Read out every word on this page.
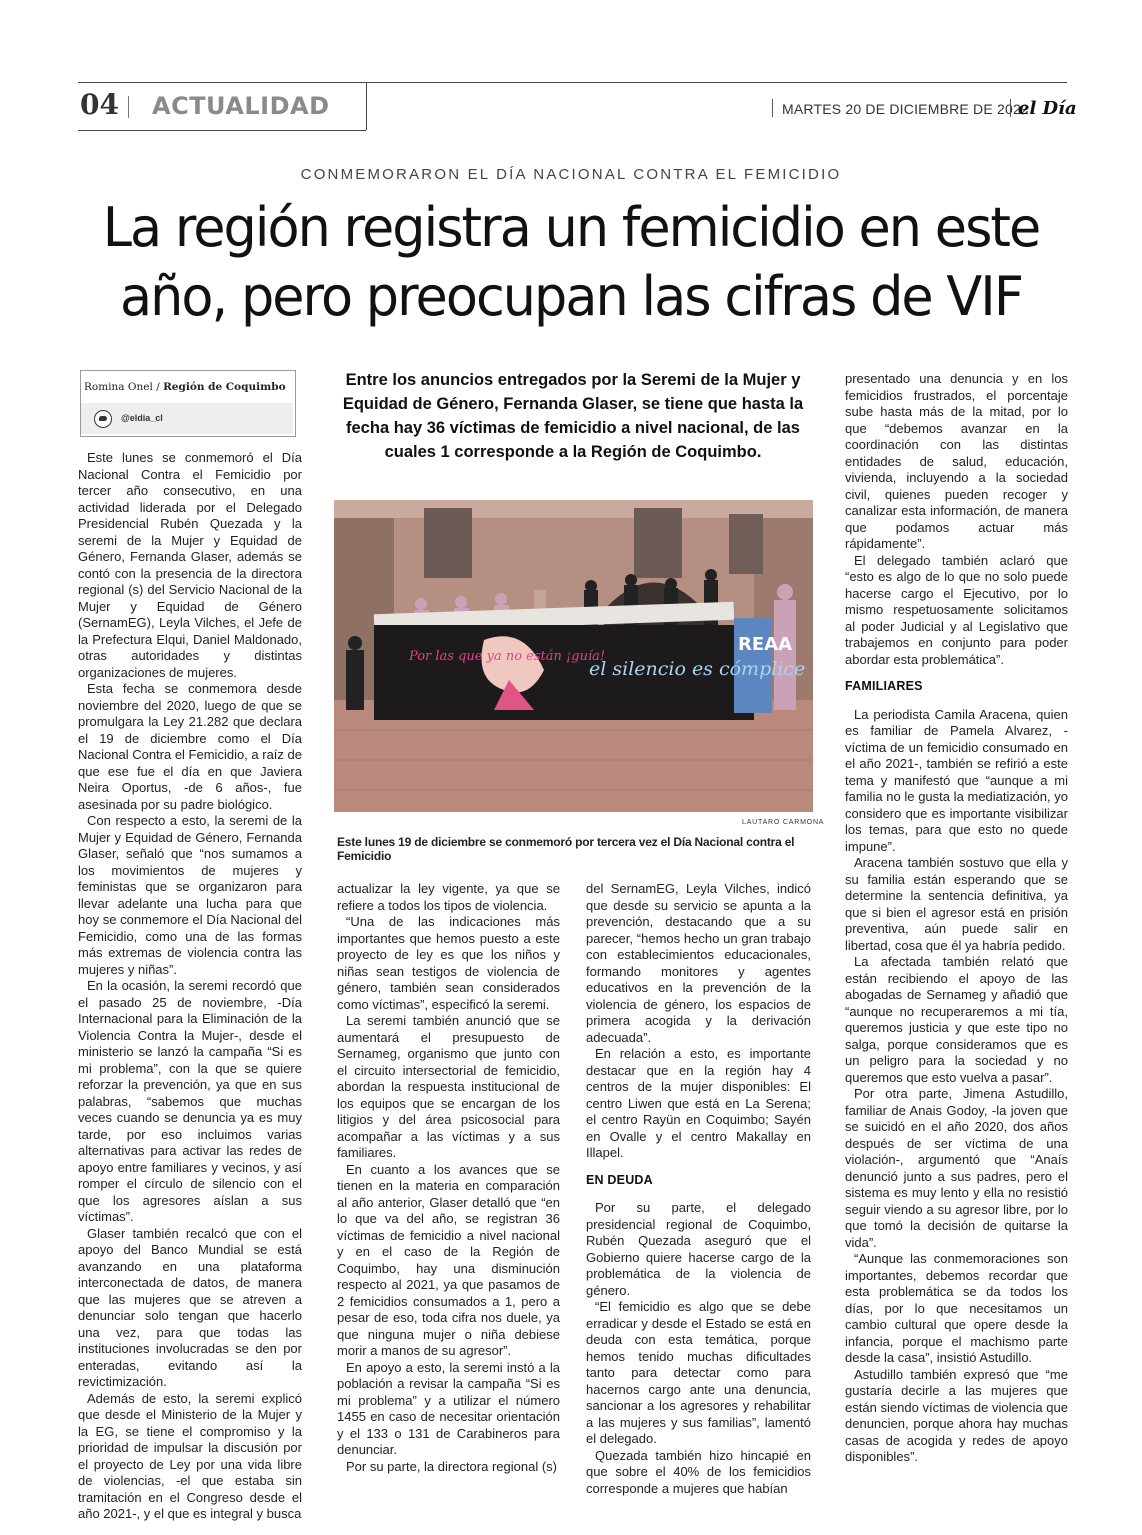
04 ACTUALIDAD	MARTES 20 DE DICIEMBRE DE 2022
el Día
CONMEMORARON EL DÍA NACIONAL CONTRA EL FEMICIDIO
La región registra un femicidio en este año, pero preocupan las cifras de VIF
Romina Onel / Región de Coquimbo
@eldia_cl
Entre los anuncios entregados por la Seremi de la Mujer y Equidad de Género, Fernanda Glaser, se tiene que hasta la fecha hay 36 víctimas de femicidio a nivel nacional, de las cuales 1 corresponde a la Región de Coquimbo.
REAA
Por las que ya no están ¡guía!
el silencio es cómplice
LAUTARO CARMONA
Este lunes 19 de diciembre se conmemoró por tercera vez el Día Nacional contra el Femicidio

Este lunes se conmemoró el Día Nacional Contra el Femicidio por tercer año consecutivo, en una actividad liderada por el Delegado Presidencial Rubén Quezada y la seremi de la Mujer y Equidad de Género, Fernanda Glaser, además se contó con la presencia de la directora regional (s) del Servicio Nacional de la Mujer y Equidad de Género (SernamEG), Leyla Vilches, el Jefe de la Prefectura Elqui, Daniel Maldonado, otras autoridades y distintas organizaciones de mujeres.

Esta fecha se conmemora desde noviembre del 2020, luego de que se promulgara la Ley 21.282 que declara el 19 de diciembre como el Día Nacional Contra el Femicidio, a raíz de que ese fue el día en que Javiera Neira Oportus, -de 6 años-, fue asesinada por su padre biológico.

Con respecto a esto, la seremi de la Mujer y Equidad de Género, Fernanda Glaser, señaló que “nos sumamos a los movimientos de mujeres y feministas que se organizaron para llevar adelante una lucha para que hoy se conmemore el Día Nacional del Femicidio, como una de las formas más extremas de violencia contra las mujeres y niñas”.

En la ocasión, la seremi recordó que el pasado 25 de noviembre, -Día Internacional para la Eliminación de la Violencia Contra la Mujer-, desde el ministerio se lanzó la campaña “Si es mi problema”, con la que se quiere reforzar la prevención, ya que en sus palabras, “sabemos que muchas veces cuando se denuncia ya es muy tarde, por eso incluimos varias alternativas para activar las redes de apoyo entre familiares y vecinos, y así romper el círculo de silencio con el que los agresores aíslan a sus víctimas”.

Glaser también recalcó que con el apoyo del Banco Mundial se está avanzando en una plataforma interconectada de datos, de manera que las mujeres que se atreven a denunciar solo tengan que hacerlo una vez, para que todas las instituciones involucradas se den por enteradas, evitando así la revictimización.

Además de esto, la seremi explicó que desde el Ministerio de la Mujer y la EG, se tiene el compromiso y la prioridad de impulsar la discusión por el proyecto de Ley por una vida libre de violencias, -el que estaba sin tramitación en el Congreso desde el año 2021-, y el que es integral y busca

actualizar la ley vigente, ya que se refiere a todos los tipos de violencia.

“Una de las indicaciones más importantes que hemos puesto a este proyecto de ley es que los niños y niñas sean testigos de violencia de género, también sean considerados como víctimas”, especificó la seremi.

La seremi también anunció que se aumentará el presupuesto de Sernameg, organismo que junto con el circuito intersectorial de femicidio, abordan la respuesta institucional de los equipos que se encargan de los litigios y del área psicosocial para acompañar a las víctimas y a sus familiares.

En cuanto a los avances que se tienen en la materia en comparación al año anterior, Glaser detalló que “en lo que va del año, se registran 36 víctimas de femicidio a nivel nacional y en el caso de la Región de Coquimbo, hay una disminución respecto al 2021, ya que pasamos de 2 femicidios consumados a 1, pero a pesar de eso, toda cifra nos duele, ya que ninguna mujer o niña debiese morir a manos de su agresor”.

En apoyo a esto, la seremi instó a la población a revisar la campaña “Si es mi problema” y a utilizar el número 1455 en caso de necesitar orientación y el 133 o 131 de Carabineros para denunciar.

Por su parte, la directora regional (s)

del SernamEG, Leyla Vilches, indicó que desde su servicio se apunta a la prevención, destacando que a su parecer, “hemos hecho un gran trabajo con establecimientos educacionales, formando monitores y agentes educativos en la prevención de la violencia de género, los espacios de primera acogida y la derivación adecuada”.

En relación a esto, es importante destacar que en la región hay 4 centros de la mujer disponibles: El centro Liwen que está en La Serena; el centro Rayün en Coquimbo; Sayén en Ovalle y el centro Makallay en Illapel.

EN DEUDA

Por su parte, el delegado presidencial regional de Coquimbo, Rubén Quezada aseguró que el Gobierno quiere hacerse cargo de la problemática de la violencia de género.

“El femicidio es algo que se debe erradicar y desde el Estado se está en deuda con esta temática, porque hemos tenido muchas dificultades tanto para detectar como para hacernos cargo ante una denuncia, sancionar a los agresores y rehabilitar a las mujeres y sus familias”, lamentó el delegado.

Quezada también hizo hincapié en que sobre el 40% de los femicidios corresponde a mujeres que habían

presentado una denuncia y en los femicidios frustrados, el porcentaje sube hasta más de la mitad, por lo que “debemos avanzar en la coordinación con las distintas entidades de salud, educación, vivienda, incluyendo a la sociedad civil, quienes pueden recoger y canalizar esta información, de manera que podamos actuar más rápidamente”.

El delegado también aclaró que “esto es algo de lo que no solo puede hacerse cargo el Ejecutivo, por lo mismo respetuosamente solicitamos al poder Judicial y al Legislativo que trabajemos en conjunto para poder abordar esta problemática”.

FAMILIARES

La periodista Camila Aracena, quien es familiar de Pamela Alvarez, -víctima de un femicidio consumado en el año 2021-, también se refirió a este tema y manifestó que “aunque a mi familia no le gusta la mediatización, yo considero que es importante visibilizar los temas, para que esto no quede impune”.

Aracena también sostuvo que ella y su familia están esperando que se determine la sentencia definitiva, ya que si bien el agresor está en prisión preventiva, aún puede salir en libertad, cosa que él ya habría pedido.

La afectada también relató que están recibiendo el apoyo de las abogadas de Sernameg y añadió que “aunque no recuperaremos a mi tía, queremos justicia y que este tipo no salga, porque consideramos que es un peligro para la sociedad y no queremos que esto vuelva a pasar”.

Por otra parte, Jimena Astudillo, familiar de Anais Godoy, -la joven que se suicidó en el año 2020, dos años después de ser víctima de una violación-, argumentó que “Anaís denunció junto a sus padres, pero el sistema es muy lento y ella no resistió seguir viendo a su agresor libre, por lo que tomó la decisión de quitarse la vida”.

“Aunque las conmemoraciones son importantes, debemos recordar que esta problemática se da todos los días, por lo que necesitamos un cambio cultural que opere desde la infancia, porque el machismo parte desde la casa”, insistió Astudillo.

Astudillo también expresó que “me gustaría decirle a las mujeres que están siendo víctimas de violencia que denuncien, porque ahora hay muchas casas de acogida y redes de apoyo disponibles”.
